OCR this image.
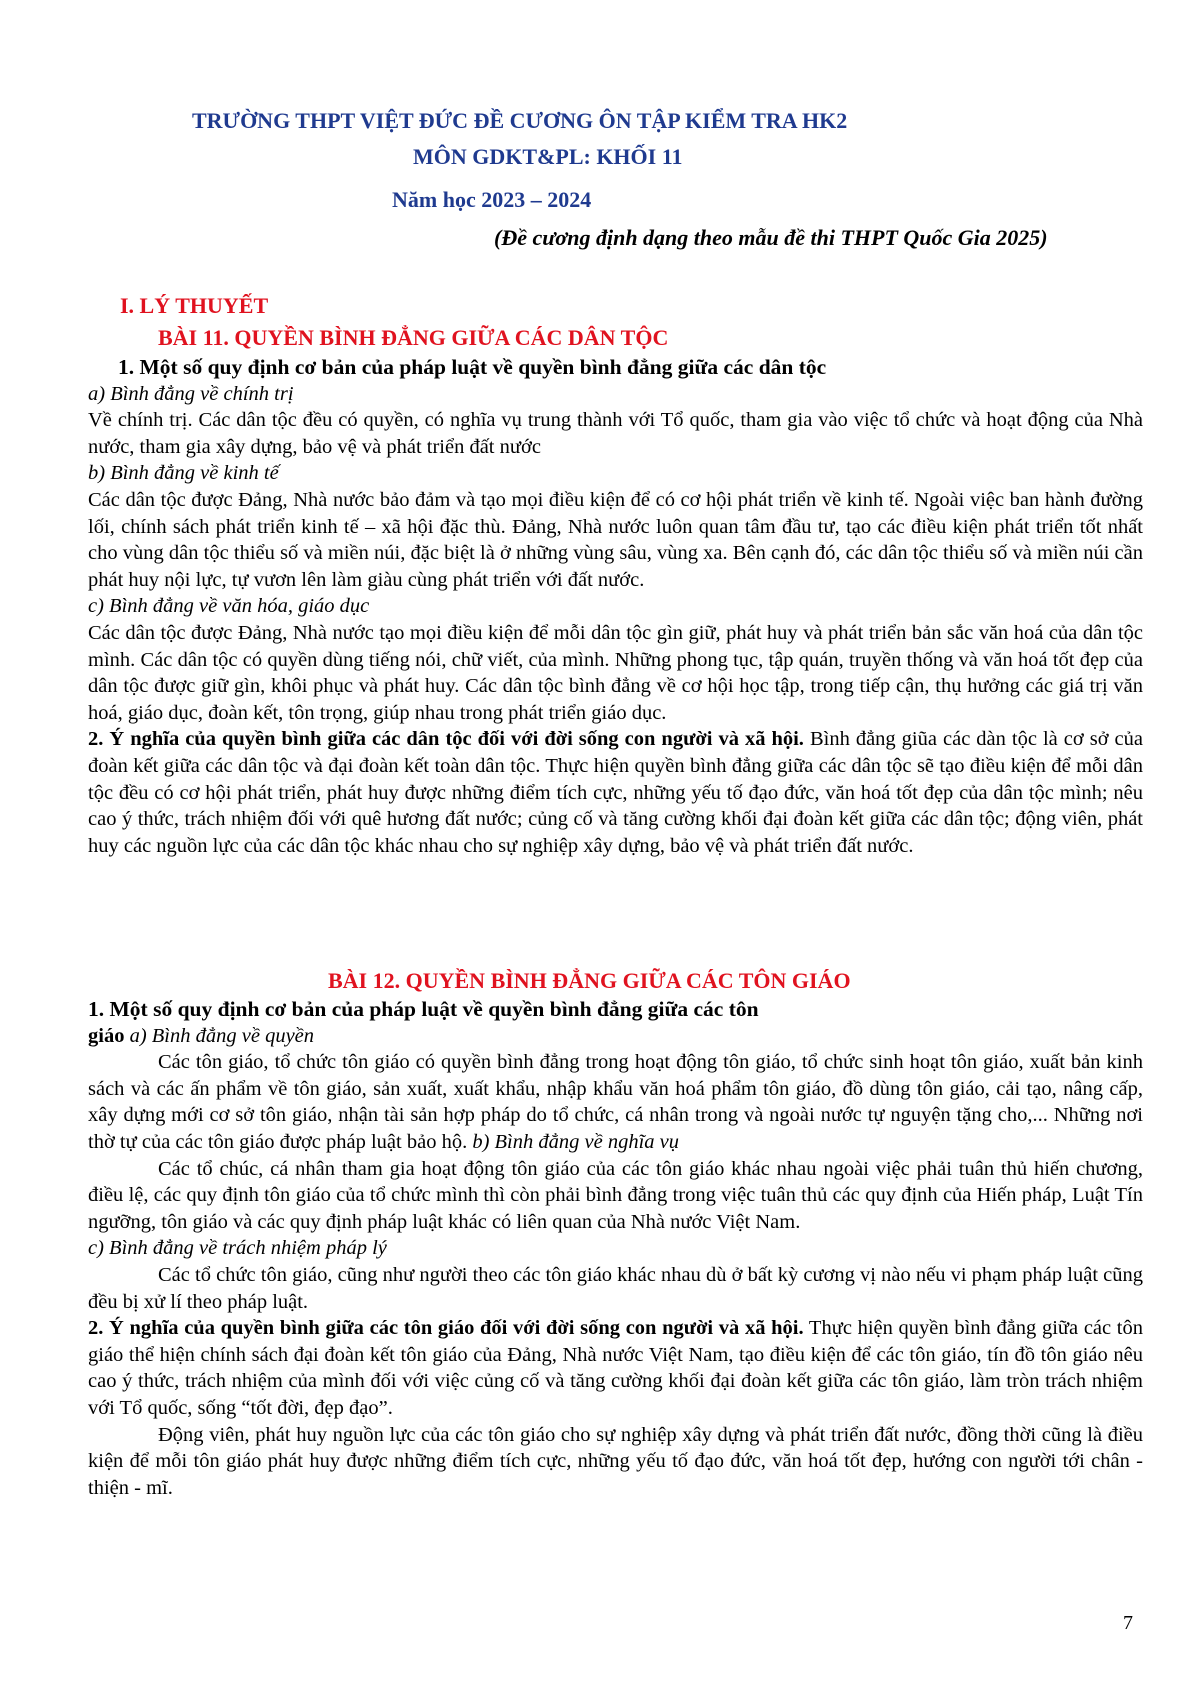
TRƯỜNG THPT VIỆT ĐỨC ĐỀ CƯƠNG ÔN TẬP KIỂM TRA HK2
MÔN GDKT&PL: KHỐI 11
Năm học 2023 – 2024
(Đề cương định dạng theo mẫu đề thi THPT Quốc Gia 2025)
I. LÝ THUYẾT
BÀI 11. QUYỀN BÌNH ĐẲNG GIỮA CÁC DÂN TỘC

1. Một số quy định cơ bản của pháp luật về quyền bình đẳng giữa các dân tộc

a) Bình đẳng về chính trị

Về chính trị. Các dân tộc đều có quyền, có nghĩa vụ trung thành với Tổ quốc, tham gia vào việc tổ chức và hoạt động của Nhà nước, tham gia xây dựng, bảo vệ và phát triển đất nước

b) Bình đẳng về kinh tế

Các dân tộc được Đảng, Nhà nước bảo đảm và tạo mọi điều kiện để có cơ hội phát triển về kinh tế. Ngoài việc ban hành đường lối, chính sách phát triển kinh tế – xã hội đặc thù. Đảng, Nhà nước luôn quan tâm đầu tư, tạo các điều kiện phát triển tốt nhất cho vùng dân tộc thiểu số và miền núi, đặc biệt là ở những vùng sâu, vùng xa. Bên cạnh đó, các dân tộc thiểu số và miền núi cần phát huy nội lực, tự vươn lên làm giàu cùng phát triển với đất nước.

c) Bình đẳng về văn hóa, giáo dục

Các dân tộc được Đảng, Nhà nước tạo mọi điều kiện để mỗi dân tộc gìn giữ, phát huy và phát triển bản sắc văn hoá của dân tộc mình. Các dân tộc có quyền dùng tiếng nói, chữ viết, của mình. Những phong tục, tập quán, truyền thống và văn hoá tốt đẹp của dân tộc được giữ gìn, khôi phục và phát huy. Các dân tộc bình đẳng về cơ hội học tập, trong tiếp cận, thụ hưởng các giá trị văn hoá, giáo dục, đoàn kết, tôn trọng, giúp nhau trong phát triển giáo dục.

2. Ý nghĩa của quyền bình giữa các dân tộc đối với đời sống con người và xã hội. Bình đẳng giũa các dàn tộc là cơ sở của đoàn kết giữa các dân tộc và đại đoàn kết toàn dân tộc. Thực hiện quyền bình đẳng giữa các dân tộc sẽ tạo điều kiện để mỗi dân tộc đều có cơ hội phát triển, phát huy được những điểm tích cực, những yếu tố đạo đức, văn hoá tốt đẹp của dân tộc mình; nêu cao ý thức, trách nhiệm đối với quê hương đất nước; củng cố và tăng cường khối đại đoàn kết giữa các dân tộc; động viên, phát huy các nguồn lực của các dân tộc khác nhau cho sự nghiệp xây dựng, bảo vệ và phát triển đất nước.

BÀI 12. QUYỀN BÌNH ĐẲNG GIỮA CÁC TÔN GIÁO

1. Một số quy định cơ bản của pháp luật về quyền bình đẳng giữa các tôn

giáo a) Bình đẳng về quyền

Các tôn giáo, tổ chức tôn giáo có quyền bình đẳng trong hoạt động tôn giáo, tổ chức sinh hoạt tôn giáo, xuất bản kinh sách và các ấn phẩm về tôn giáo, sản xuất, xuất khẩu, nhập khẩu văn hoá phẩm tôn giáo, đồ dùng tôn giáo, cải tạo, nâng cấp, xây dựng mới cơ sở tôn giáo, nhận tài sản hợp pháp do tổ chức, cá nhân trong và ngoài nước tự nguyện tặng cho,... Những nơi thờ tự của các tôn giáo được pháp luật bảo hộ. b) Bình đẳng về nghĩa vụ

Các tổ chúc, cá nhân tham gia hoạt động tôn giáo của các tôn giáo khác nhau ngoài việc phải tuân thủ hiến chương, điều lệ, các quy định tôn giáo của tổ chức mình thì còn phải bình đẳng trong việc tuân thủ các quy định của Hiến pháp, Luật Tín ngưỡng, tôn giáo và các quy định pháp luật khác có liên quan của Nhà nước Việt Nam.

c) Bình đẳng về trách nhiệm pháp lý

Các tổ chức tôn giáo, cũng như người theo các tôn giáo khác nhau dù ở bất kỳ cương vị nào nếu vi phạm pháp luật cũng đều bị xử lí theo pháp luật.

2. Ý nghĩa của quyền bình giữa các tôn giáo đối với đời sống con người và xã hội. Thực hiện quyền bình đẳng giữa các tôn giáo thể hiện chính sách đại đoàn kết tôn giáo của Đảng, Nhà nước Việt Nam, tạo điều kiện để các tôn giáo, tín đồ tôn giáo nêu cao ý thức, trách nhiệm của mình đối với việc củng cố và tăng cường khối đại đoàn kết giữa các tôn giáo, làm tròn trách nhiệm với Tổ quốc, sống “tốt đời, đẹp đạo”.

Động viên, phát huy nguồn lực của các tôn giáo cho sự nghiệp xây dựng và phát triển đất nước, đồng thời cũng là điều kiện để mỗi tôn giáo phát huy được những điểm tích cực, những yếu tố đạo đức, văn hoá tốt đẹp, hướng con người tới chân - thiện - mĩ.

7
